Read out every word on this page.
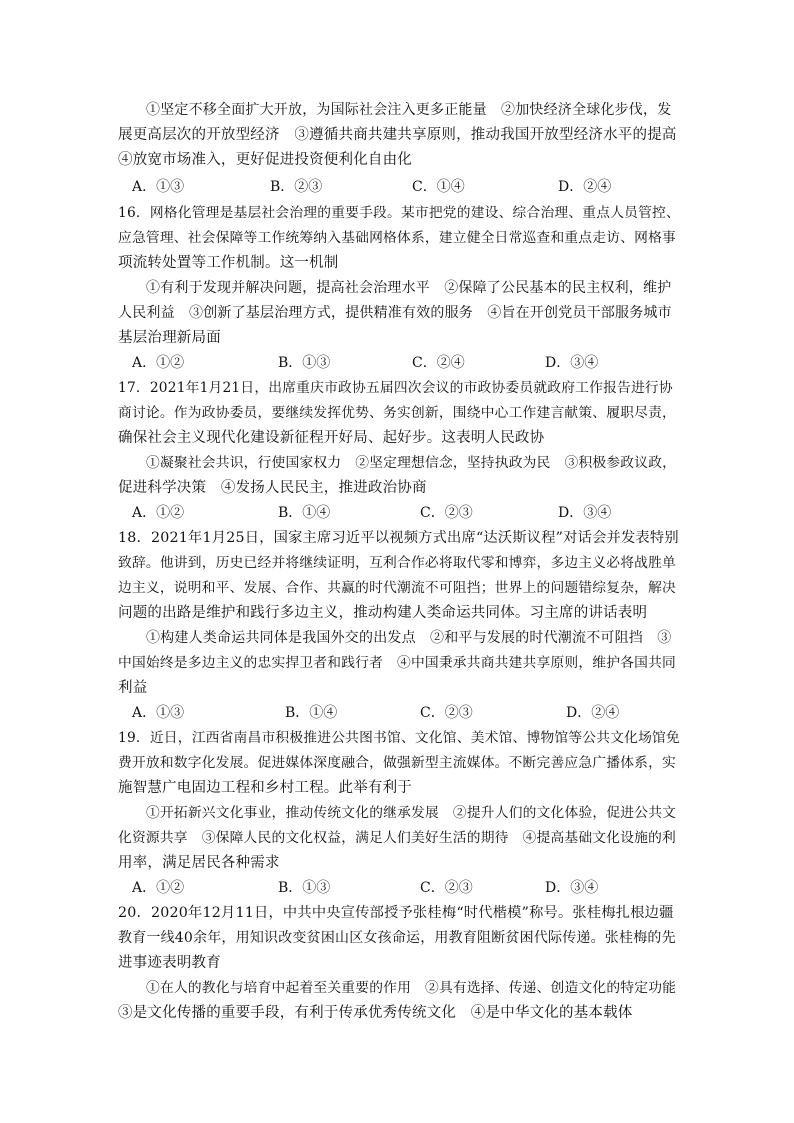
①坚定不移全面扩大开放，为国际社会注入更多正能量　②加快经济全球化步伐，发
展更高层次的开放型经济　③遵循共商共建共享原则，推动我国开放型经济水平的提高
④放宽市场准入，更好促进投资便利化自由化
A．①③	B．②③	C．①④	D．②④
16．网格化管理是基层社会治理的重要手段。某市把党的建设、综合治理、重点人员管控、
应急管理、社会保障等工作统筹纳入基础网格体系，建立健全日常巡查和重点走访、网格事
项流转处置等工作机制。这一机制
①有利于发现并解决问题，提高社会治理水平　②保障了公民基本的民主权利，维护
人民利益　③创新了基层治理方式，提供精准有效的服务　④旨在开创党员干部服务城市
基层治理新局面
A．①②	B．①③	C．②④	D．③④
17．2021年1月21日，出席重庆市政协五届四次会议的市政协委员就政府工作报告进行协
商讨论。作为政协委员，要继续发挥优势、务实创新，围绕中心工作建言献策、履职尽责，
确保社会主义现代化建设新征程开好局、起好步。这表明人民政协
①凝聚社会共识，行使国家权力　②坚定理想信念，坚持执政为民　③积极参政议政，
促进科学决策　④发扬人民民主，推进政治协商
A．①②	B．①④	C．②③	D．③④
18．2021年1月25日，国家主席习近平以视频方式出席“达沃斯议程”对话会并发表特别
致辞。他讲到，历史已经并将继续证明，互利合作必将取代零和博弈，多边主义必将战胜单
边主义，说明和平、发展、合作、共赢的时代潮流不可阻挡；世界上的问题错综复杂，解决
问题的出路是维护和践行多边主义，推动构建人类命运共同体。习主席的讲话表明
①构建人类命运共同体是我国外交的出发点　②和平与发展的时代潮流不可阻挡　③
中国始终是多边主义的忠实捍卫者和践行者　④中国秉承共商共建共享原则，维护各国共同
利益
A．①③	B．①④	C．②③	D．②④
19．近日，江西省南昌市积极推进公共图书馆、文化馆、美术馆、博物馆等公共文化场馆免
费开放和数字化发展。促进媒体深度融合，做强新型主流媒体。不断完善应急广播体系，实
施智慧广电固边工程和乡村工程。此举有利于
①开拓新兴文化事业，推动传统文化的继承发展　②提升人们的文化体验，促进公共文
化资源共享　③保障人民的文化权益，满足人们美好生活的期待　④提高基础文化设施的利
用率，满足居民各种需求
A．①②	B．①③	C．②③	D．③④
20．2020年12月11日，中共中央宣传部授予张桂梅“时代楷模”称号。张桂梅扎根边疆
教育一线40余年，用知识改变贫困山区女孩命运，用教育阻断贫困代际传递。张桂梅的先
进事迹表明教育
①在人的教化与培育中起着至关重要的作用　②具有选择、传递、创造文化的特定功能
③是文化传播的重要手段，有利于传承优秀传统文化　④是中华文化的基本载体
